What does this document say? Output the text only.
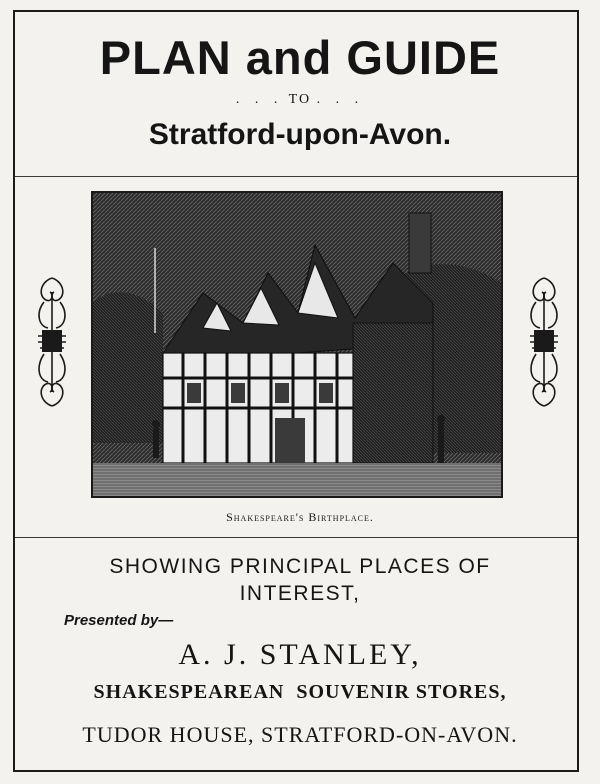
PLAN and GUIDE
. . . TO . . .
Stratford-upon-Avon.
Shakespeare's Birthplace.
SHOWING PRINCIPAL PLACES OF
INTEREST,
Presented by—
A. J. STANLEY,
SHAKESPEAREAN  SOUVENIR STORES,
TUDOR HOUSE, STRATFORD-ON-AVON.
